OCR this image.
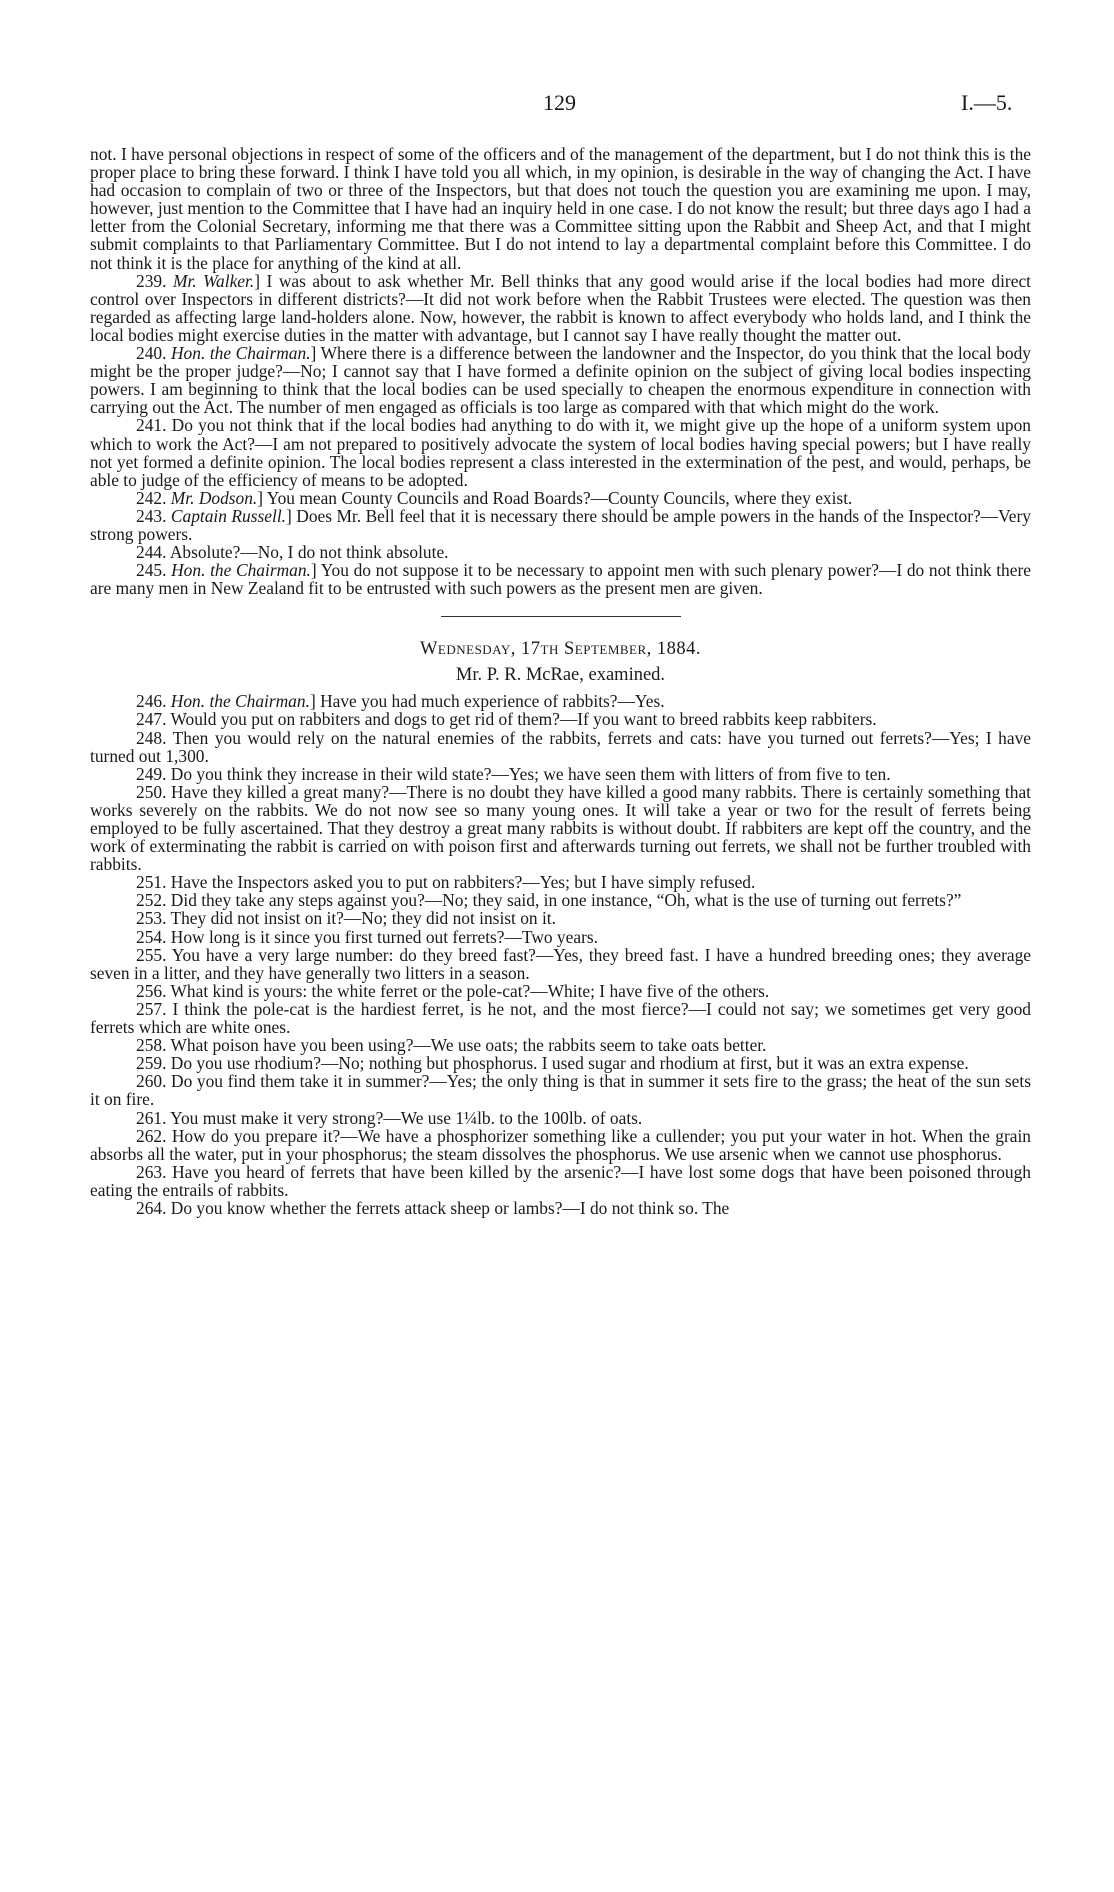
129	I.—5.

not. I have personal objections in respect of some of the officers and of the management of the department, but I do not think this is the proper place to bring these forward. I think I have told you all which, in my opinion, is desirable in the way of changing the Act. I have had occasion to complain of two or three of the Inspectors, but that does not touch the question you are examining me upon. I may, however, just mention to the Committee that I have had an inquiry held in one case. I do not know the result; but three days ago I had a letter from the Colonial Secretary, informing me that there was a Committee sitting upon the Rabbit and Sheep Act, and that I might submit complaints to that Parliamentary Committee. But I do not intend to lay a departmental complaint before this Committee. I do not think it is the place for anything of the kind at all.

239. Mr. Walker.] I was about to ask whether Mr. Bell thinks that any good would arise if the local bodies had more direct control over Inspectors in different districts?—It did not work before when the Rabbit Trustees were elected. The question was then regarded as affecting large land-holders alone. Now, however, the rabbit is known to affect everybody who holds land, and I think the local bodies might exercise duties in the matter with advantage, but I cannot say I have really thought the matter out.

240. Hon. the Chairman.] Where there is a difference between the landowner and the Inspector, do you think that the local body might be the proper judge?—No; I cannot say that I have formed a definite opinion on the subject of giving local bodies inspecting powers. I am beginning to think that the local bodies can be used specially to cheapen the enormous expenditure in connection with carrying out the Act. The number of men engaged as officials is too large as compared with that which might do the work.

241. Do you not think that if the local bodies had anything to do with it, we might give up the hope of a uniform system upon which to work the Act?—I am not prepared to positively advocate the system of local bodies having special powers; but I have really not yet formed a definite opinion. The local bodies represent a class interested in the extermination of the pest, and would, perhaps, be able to judge of the efficiency of means to be adopted.

242. Mr. Dodson.] You mean County Councils and Road Boards?—County Councils, where they exist.

243. Captain Russell.] Does Mr. Bell feel that it is necessary there should be ample powers in the hands of the Inspector?—Very strong powers.

244. Absolute?—No, I do not think absolute.

245. Hon. the Chairman.] You do not suppose it to be necessary to appoint men with such plenary power?—I do not think there are many men in New Zealand fit to be entrusted with such powers as the present men are given.

Wednesday, 17th September, 1884.
Mr. P. R. McRae, examined.

246. Hon. the Chairman.] Have you had much experience of rabbits?—Yes.

247. Would you put on rabbiters and dogs to get rid of them?—If you want to breed rabbits keep rabbiters.

248. Then you would rely on the natural enemies of the rabbits, ferrets and cats: have you turned out ferrets?—Yes; I have turned out 1,300.

249. Do you think they increase in their wild state?—Yes; we have seen them with litters of from five to ten.

250. Have they killed a great many?—There is no doubt they have killed a good many rabbits. There is certainly something that works severely on the rabbits. We do not now see so many young ones. It will take a year or two for the result of ferrets being employed to be fully ascertained. That they destroy a great many rabbits is without doubt. If rabbiters are kept off the country, and the work of exterminating the rabbit is carried on with poison first and afterwards turning out ferrets, we shall not be further troubled with rabbits.

251. Have the Inspectors asked you to put on rabbiters?—Yes; but I have simply refused.

252. Did they take any steps against you?—No; they said, in one instance, “Oh, what is the use of turning out ferrets?”

253. They did not insist on it?—No; they did not insist on it.

254. How long is it since you first turned out ferrets?—Two years.

255. You have a very large number: do they breed fast?—Yes, they breed fast. I have a hundred breeding ones; they average seven in a litter, and they have generally two litters in a season.

256. What kind is yours: the white ferret or the pole-cat?—White; I have five of the others.

257. I think the pole-cat is the hardiest ferret, is he not, and the most fierce?—I could not say; we sometimes get very good ferrets which are white ones.

258. What poison have you been using?—We use oats; the rabbits seem to take oats better.

259. Do you use rhodium?—No; nothing but phosphorus. I used sugar and rhodium at first, but it was an extra expense.

260. Do you find them take it in summer?—Yes; the only thing is that in summer it sets fire to the grass; the heat of the sun sets it on fire.

261. You must make it very strong?—We use 1¼lb. to the 100lb. of oats.

262. How do you prepare it?—We have a phosphorizer something like a cullender; you put your water in hot. When the grain absorbs all the water, put in your phosphorus; the steam dissolves the phosphorus. We use arsenic when we cannot use phosphorus.

263. Have you heard of ferrets that have been killed by the arsenic?—I have lost some dogs that have been poisoned through eating the entrails of rabbits.

264. Do you know whether the ferrets attack sheep or lambs?—I do not think so. The
